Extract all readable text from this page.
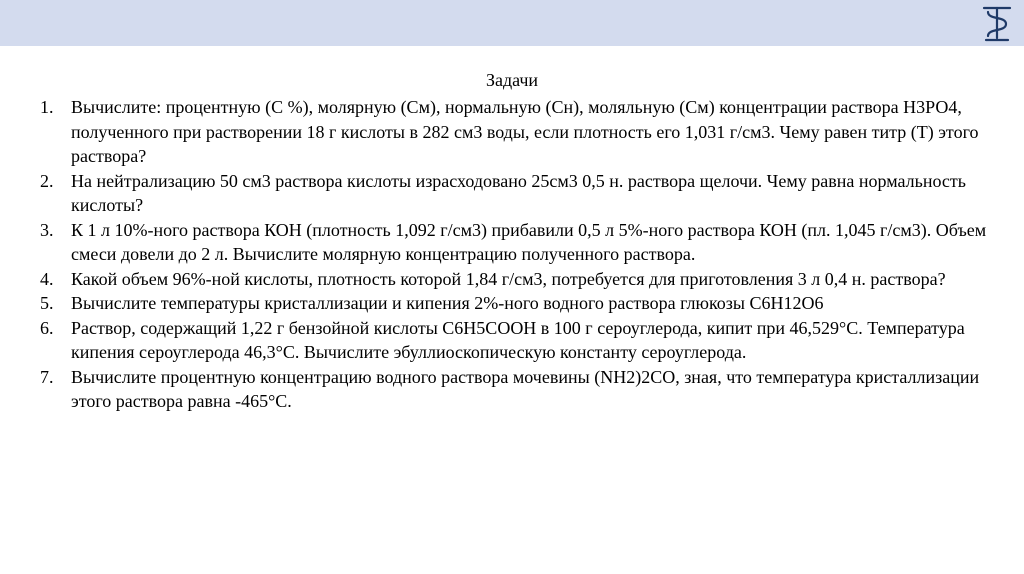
Задачи
1. Вычислите: процентную (С %), молярную (См), нормальную (Сн), моляльную (См) концентрации раствора Н3РО4, полученного при растворении 18 г кислоты в 282 см3 воды, если плотность его 1,031 г/см3. Чему равен титр (Т) этого раствора?
2. На нейтрализацию 50 см3 раствора кислоты израсходовано 25см3 0,5 н. раствора щелочи. Чему равна нормальность кислоты?
3. К 1 л 10%-ного раствора КОН (плотность 1,092 г/см3) прибавили 0,5 л 5%-ного раствора КОН (пл. 1,045 г/см3). Объем смеси довели до 2 л. Вычислите молярную концентрацию полученного раствора.
4. Какой объем 96%-ной кислоты, плотность которой 1,84 г/см3, потребуется для приготовления 3 л 0,4 н. раствора?
5. Вычислите температуры кристаллизации и кипения 2%-ного водного раствора глюкозы С6Н12О6
6. Раствор, содержащий 1,22 г бензойной кислоты С6Н5СООН в 100 г сероуглерода, кипит при 46,529°С. Температура кипения сероуглерода 46,3°С. Вычислите эбуллиоскопическую константу сероуглерода.
7. Вычислите процентную концентрацию водного раствора мочевины (NH2)2CO, зная, что температура кристаллизации этого раствора равна -465°С.
